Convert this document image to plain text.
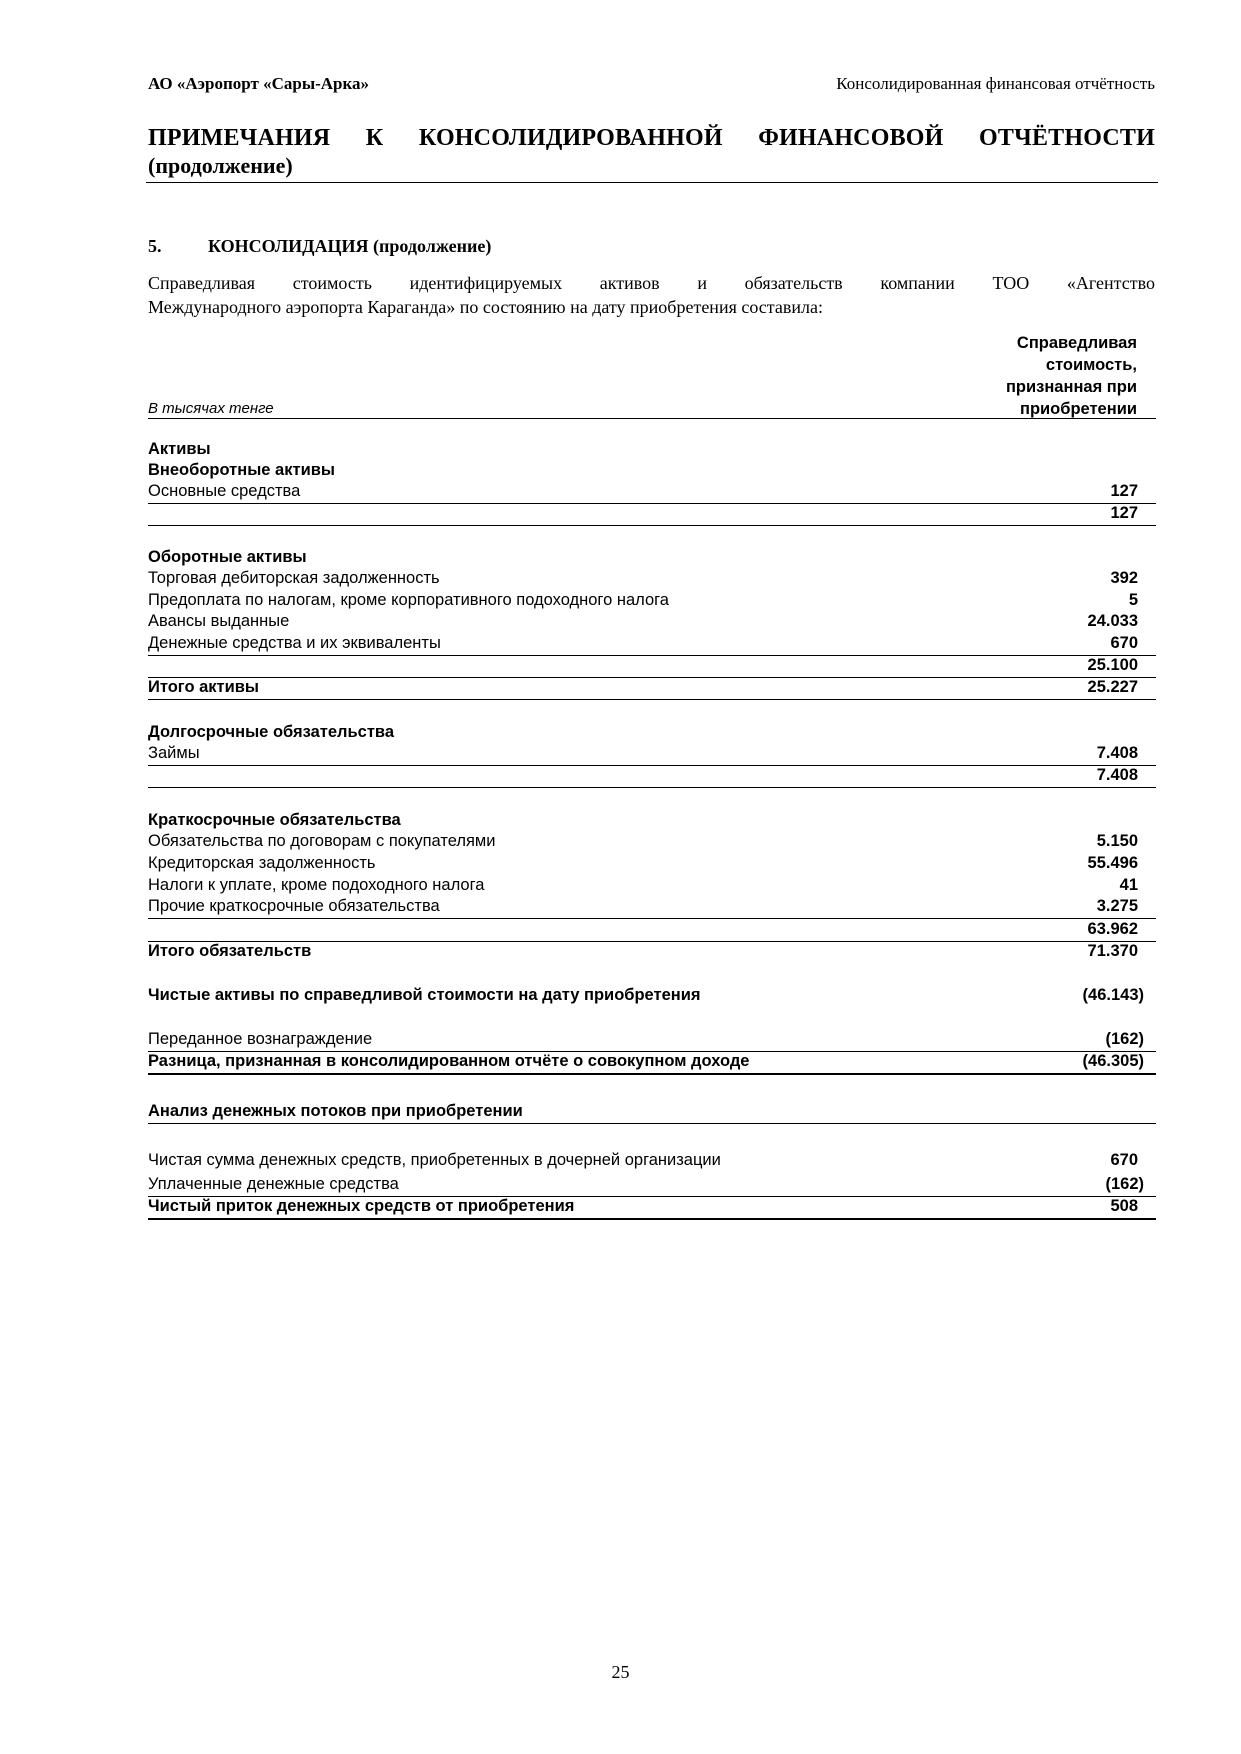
АО «Аэропорт «Сары-Арка»	Консолидированная финансовая отчётность
ПРИМЕЧАНИЯ К КОНСОЛИДИРОВАННОЙ ФИНАНСОВОЙ ОТЧЁТНОСТИ
(продолжение)
5.	КОНСОЛИДАЦИЯ (продолжение)
Справедливая стоимость идентифицируемых активов и обязательств компании ТОО «Агентство
Международного аэропорта Караганда» по состоянию на дату приобретения составила:
Справедливая
стоимость,
признанная при
приобретении
В тысячах тенге
Активы
Внеоборотные активы
Основные средства	127
127
Оборотные активы
Торговая дебиторская задолженность	392
Предоплата по налогам, кроме корпоративного подоходного налога	5
Авансы выданные	24.033
Денежные средства и их эквиваленты	670
25.100
Итого активы	25.227
Долгосрочные обязательства
Займы	7.408
7.408
Краткосрочные обязательства
Обязательства по договорам с покупателями	5.150
Кредиторская задолженность	55.496
Налоги к уплате, кроме подоходного налога	41
Прочие краткосрочные обязательства	3.275
63.962
Итого обязательств	71.370
Чистые активы по справедливой стоимости на дату приобретения	(46.143)
Переданное вознаграждение	(162)
Разница, признанная в консолидированном отчёте о совокупном доходе	(46.305)
Анализ денежных потоков при приобретении
Чистая сумма денежных средств, приобретенных в дочерней организации	670
Уплаченные денежные средства	(162)
Чистый приток денежных средств от приобретения	508
25
